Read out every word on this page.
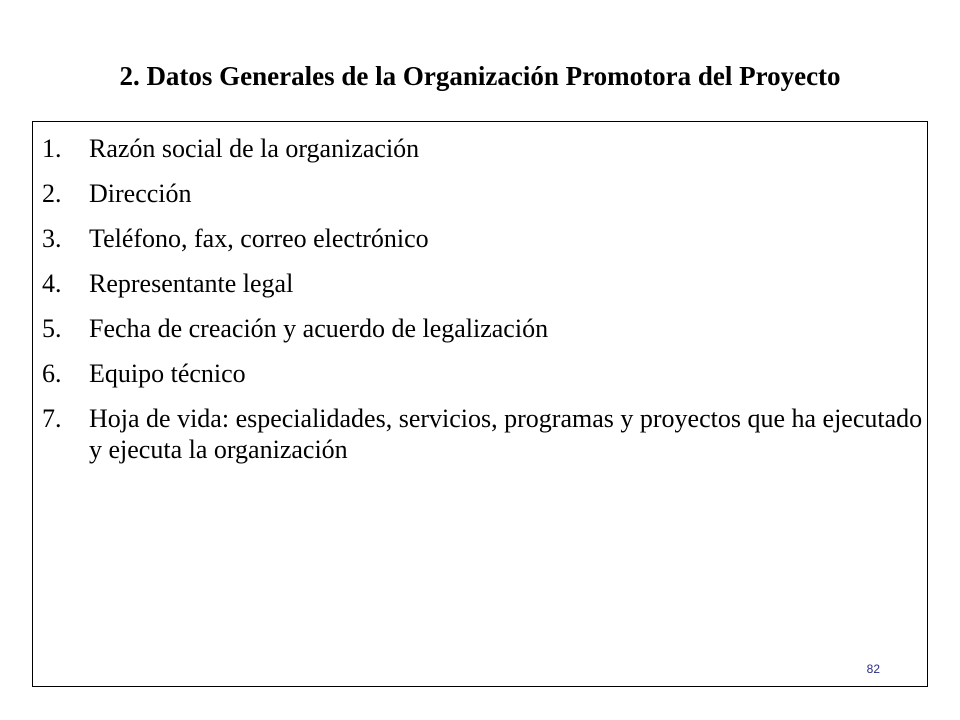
2. Datos Generales de la Organización Promotora del Proyecto
1. Razón social de la organización
2. Dirección
3. Teléfono, fax, correo electrónico
4. Representante legal
5. Fecha de creación y acuerdo de legalización
6. Equipo técnico
7. Hoja de vida: especialidades, servicios, programas y proyectos que ha ejecutado y ejecuta la organización
82
